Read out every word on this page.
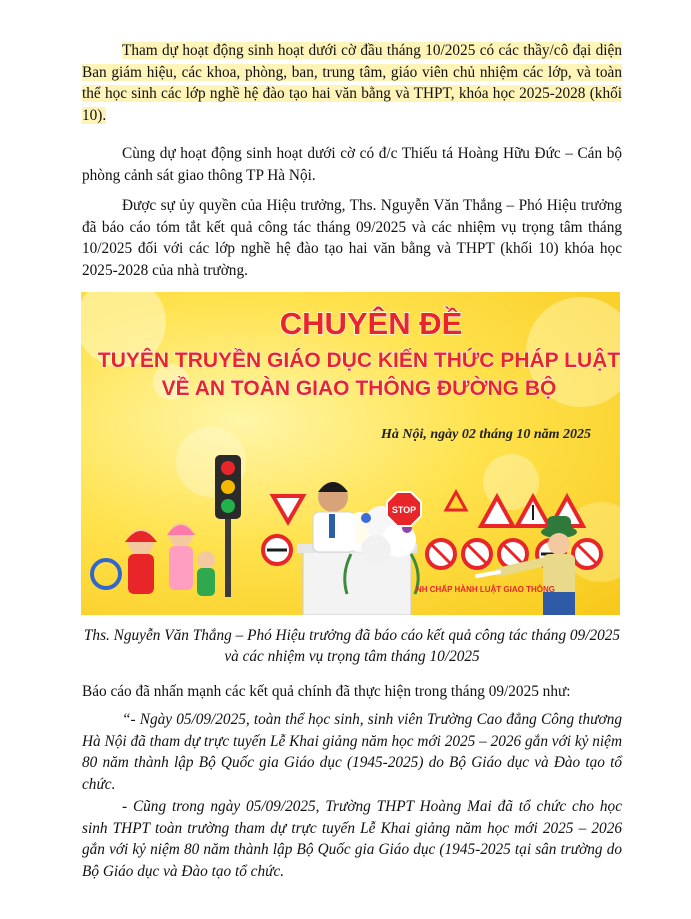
Tham dự hoạt động sinh hoạt dưới cờ đầu tháng 10/2025 có các thầy/cô đại diện Ban giám hiệu, các khoa, phòng, ban, trung tâm, giáo viên chủ nhiệm các lớp, và toàn thể học sinh các lớp nghề hệ đào tạo hai văn bằng và THPT, khóa học 2025-2028 (khối 10).

Cùng dự hoạt động sinh hoạt dưới cờ có đ/c Thiếu tá Hoàng Hữu Đức – Cán bộ phòng cảnh sát giao thông TP Hà Nội.

Được sự ủy quyền của Hiệu trưởng, Ths. Nguyễn Văn Thắng – Phó Hiệu trưởng đã báo cáo tóm tắt kết quả công tác tháng 09/2025 và các nhiệm vụ trọng tâm tháng 10/2025 đối với các lớp nghề hệ đào tạo hai văn bằng và THPT (khối 10) khóa học 2025-2028 của nhà trường.

CHUYÊN ĐỀ
TUYÊN TRUYỀN GIÁO DỤC KIẾN THỨC PHÁP LUẬT
VỀ AN TOÀN GIAO THÔNG ĐƯỜNG BỘ
Hà Nội, ngày 02 tháng 10 năm 2025
STOP
NH CHẤP HÀNH LUẬT GIAO THÔNG

Ths. Nguyễn Văn Thắng – Phó Hiệu trưởng đã báo cáo kết quả công tác tháng 09/2025 và các nhiệm vụ trọng tâm tháng 10/2025

Báo cáo đã nhấn mạnh các kết quả chính đã thực hiện trong tháng 09/2025 như:

“- Ngày 05/09/2025, toàn thể học sinh, sinh viên Trường Cao đẳng Công thương Hà Nội đã tham dự trực tuyến Lễ Khai giảng năm học mới 2025 – 2026 gắn với kỷ niệm 80 năm thành lập Bộ Quốc gia Giáo dục (1945-2025) do Bộ Giáo dục và Đào tạo tổ chức.

- Cũng trong ngày 05/09/2025, Trường THPT Hoàng Mai đã tổ chức cho học sinh THPT toàn trường tham dự trực tuyến Lễ Khai giảng năm học mới 2025 – 2026 gắn với kỷ niệm 80 năm thành lập Bộ Quốc gia Giáo dục (1945-2025 tại sân trường do Bộ Giáo dục và Đào tạo tổ chức.
